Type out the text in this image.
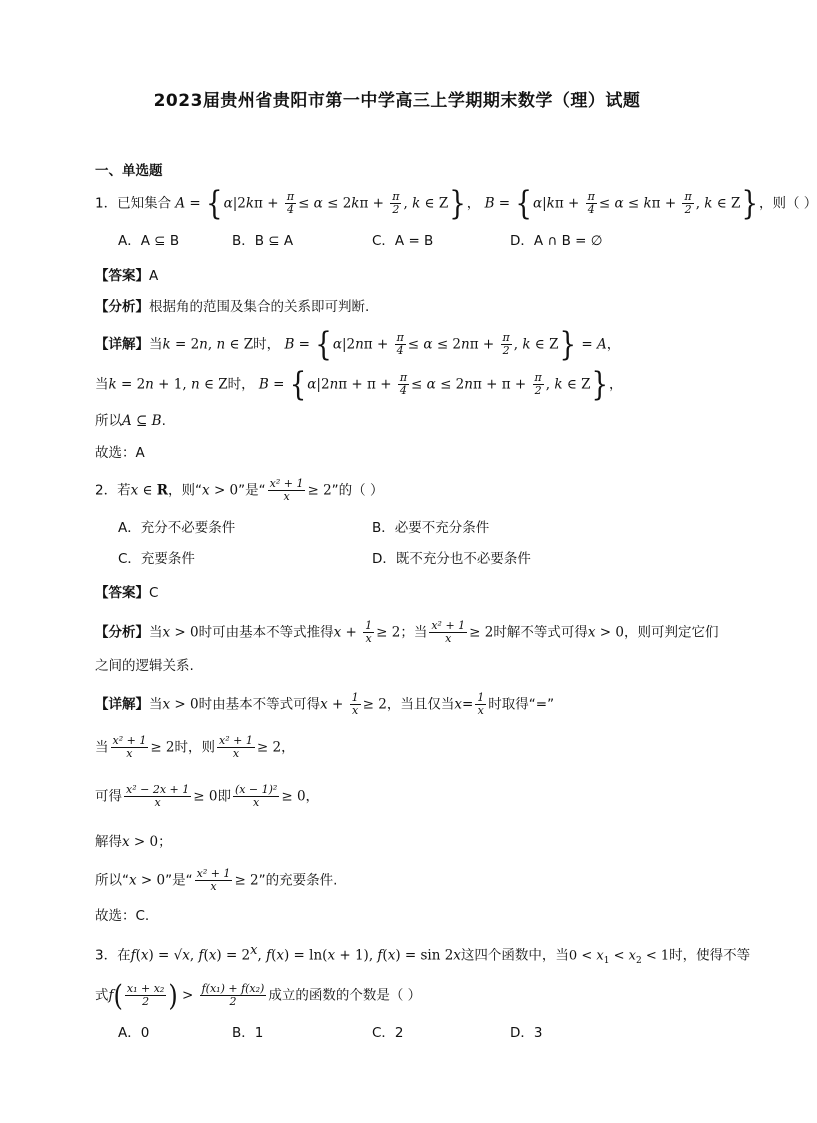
2023届贵州省贵阳市第一中学高三上学期期末数学（理）试题
一、单选题
1．已知集合 $A = \{\alpha|2k\pi + \frac{\pi}{4} \le \alpha \le 2k\pi + \frac{\pi}{2}$ , k ∈ Z}， $B = \{\alpha|k\pi + \frac{\pi}{4} \le \alpha \le k\pi + \frac{\pi}{2}$ , k ∈ Z}，则（ ）
A．A ⊆ B	B．B ⊆ A	C．A = B	D．A ∩ B = ∅
【答案】A
【分析】根据角的范围及集合的关系即可判断.
【详解】当k = 2n, n ∈ Z时， $B = \{\alpha|2n\pi + \frac{\pi}{4} \le \alpha \le 2n\pi + \frac{\pi}{2}$ , k ∈ Z} = A，
当k = 2n + 1, n ∈ Z时， $B = \{\alpha|2n\pi + \pi + \frac{\pi}{4} \le \alpha \le 2n\pi + \pi + \frac{\pi}{2}$ , k ∈ Z}，
所以A ⊆ B.
故选：A
2．若x ∈ R，则“x > 0”是“ $\frac{\text{x² + 1}}{x} \ge 2$”的（ ）
A．充分不必要条件	B．必要不充分条件
C．充要条件	D．既不充分也不必要条件
【答案】C
【分析】当x > 0时可由基本不等式推得$x + \frac{1}{x} \ge 2$；当 $\frac{\text{x² + 1}}{x} \ge 2$时解不等式可得x > 0，则可判定它们
之间的逻辑关系.
【详解】当x > 0时由基本不等式可得$x + \frac{1}{x} \ge 2$，当且仅当$x= \frac{1}{x}$ 时取得“=”
当 $\frac{\text{x² + 1}}{x} \ge 2$时，则 $\frac{\text{x² + 1}}{x} \ge 2$，
可得 $\frac{\text{x² − 2x + 1}}{x} \ge 0$即 $\frac{\text{(x − 1)²}}{x} \ge 0$，
解得x > 0；
所以“x > 0”是“ $\frac{\text{x² + 1}}{x} \ge 2$”的充要条件.
故选：C.
3．在f(x) = √x, $f(x) = 2^x$, f(x) = ln(x + 1), f(x) = sin 2x这四个函数中，当$0 < x_1 < x_2 < 1$时，使得不等
式$f( \frac{\text{x₁ + x₂}}{2}$ ) > $\frac{\text{f(x₁) + f(x₂)}}{2}$ 成立的函数的个数是（ ）
A．0	B．1	C．2	D．3
